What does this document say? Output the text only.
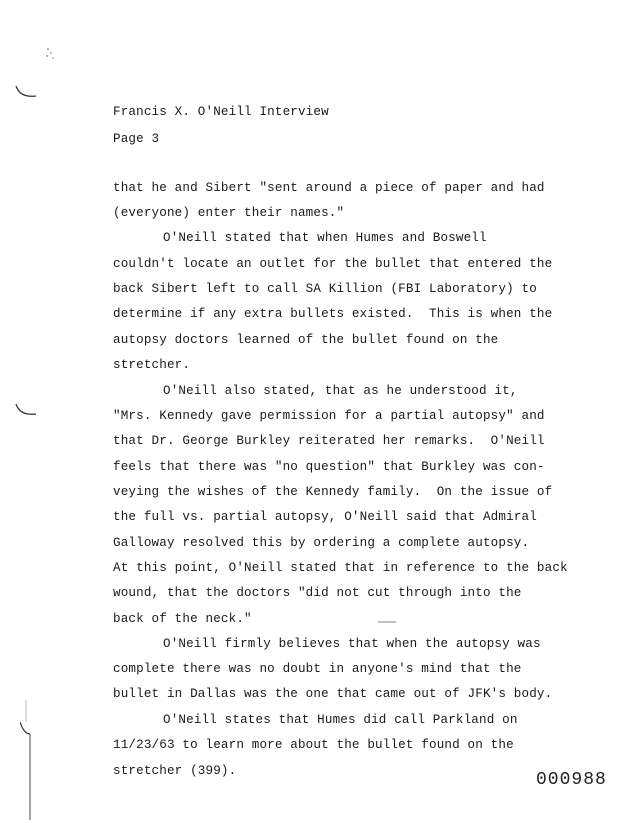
Francis X. O'Neill Interview
Page 3
that he and Sibert "sent around a piece of paper and had
(everyone) enter their names."
O'Neill stated that when Humes and Boswell
couldn't locate an outlet for the bullet that entered the
back Sibert left to call SA Killion (FBI Laboratory) to
determine if any extra bullets existed.  This is when the
autopsy doctors learned of the bullet found on the
stretcher.
O'Neill also stated, that as he understood it,
"Mrs. Kennedy gave permission for a partial autopsy" and
that Dr. George Burkley reiterated her remarks.  O'Neill
feels that there was "no question" that Burkley was con-
veying the wishes of the Kennedy family.  On the issue of
the full vs. partial autopsy, O'Neill said that Admiral
Galloway resolved this by ordering a complete autopsy.
At this point, O'Neill stated that in reference to the back
wound, that the doctors "did not cut through into the
back of the neck."
O'Neill firmly believes that when the autopsy was
complete there was no doubt in anyone's mind that the
bullet in Dallas was the one that came out of JFK's body.
O'Neill states that Humes did call Parkland on
11/23/63 to learn more about the bullet found on the
stretcher (399).	000988
